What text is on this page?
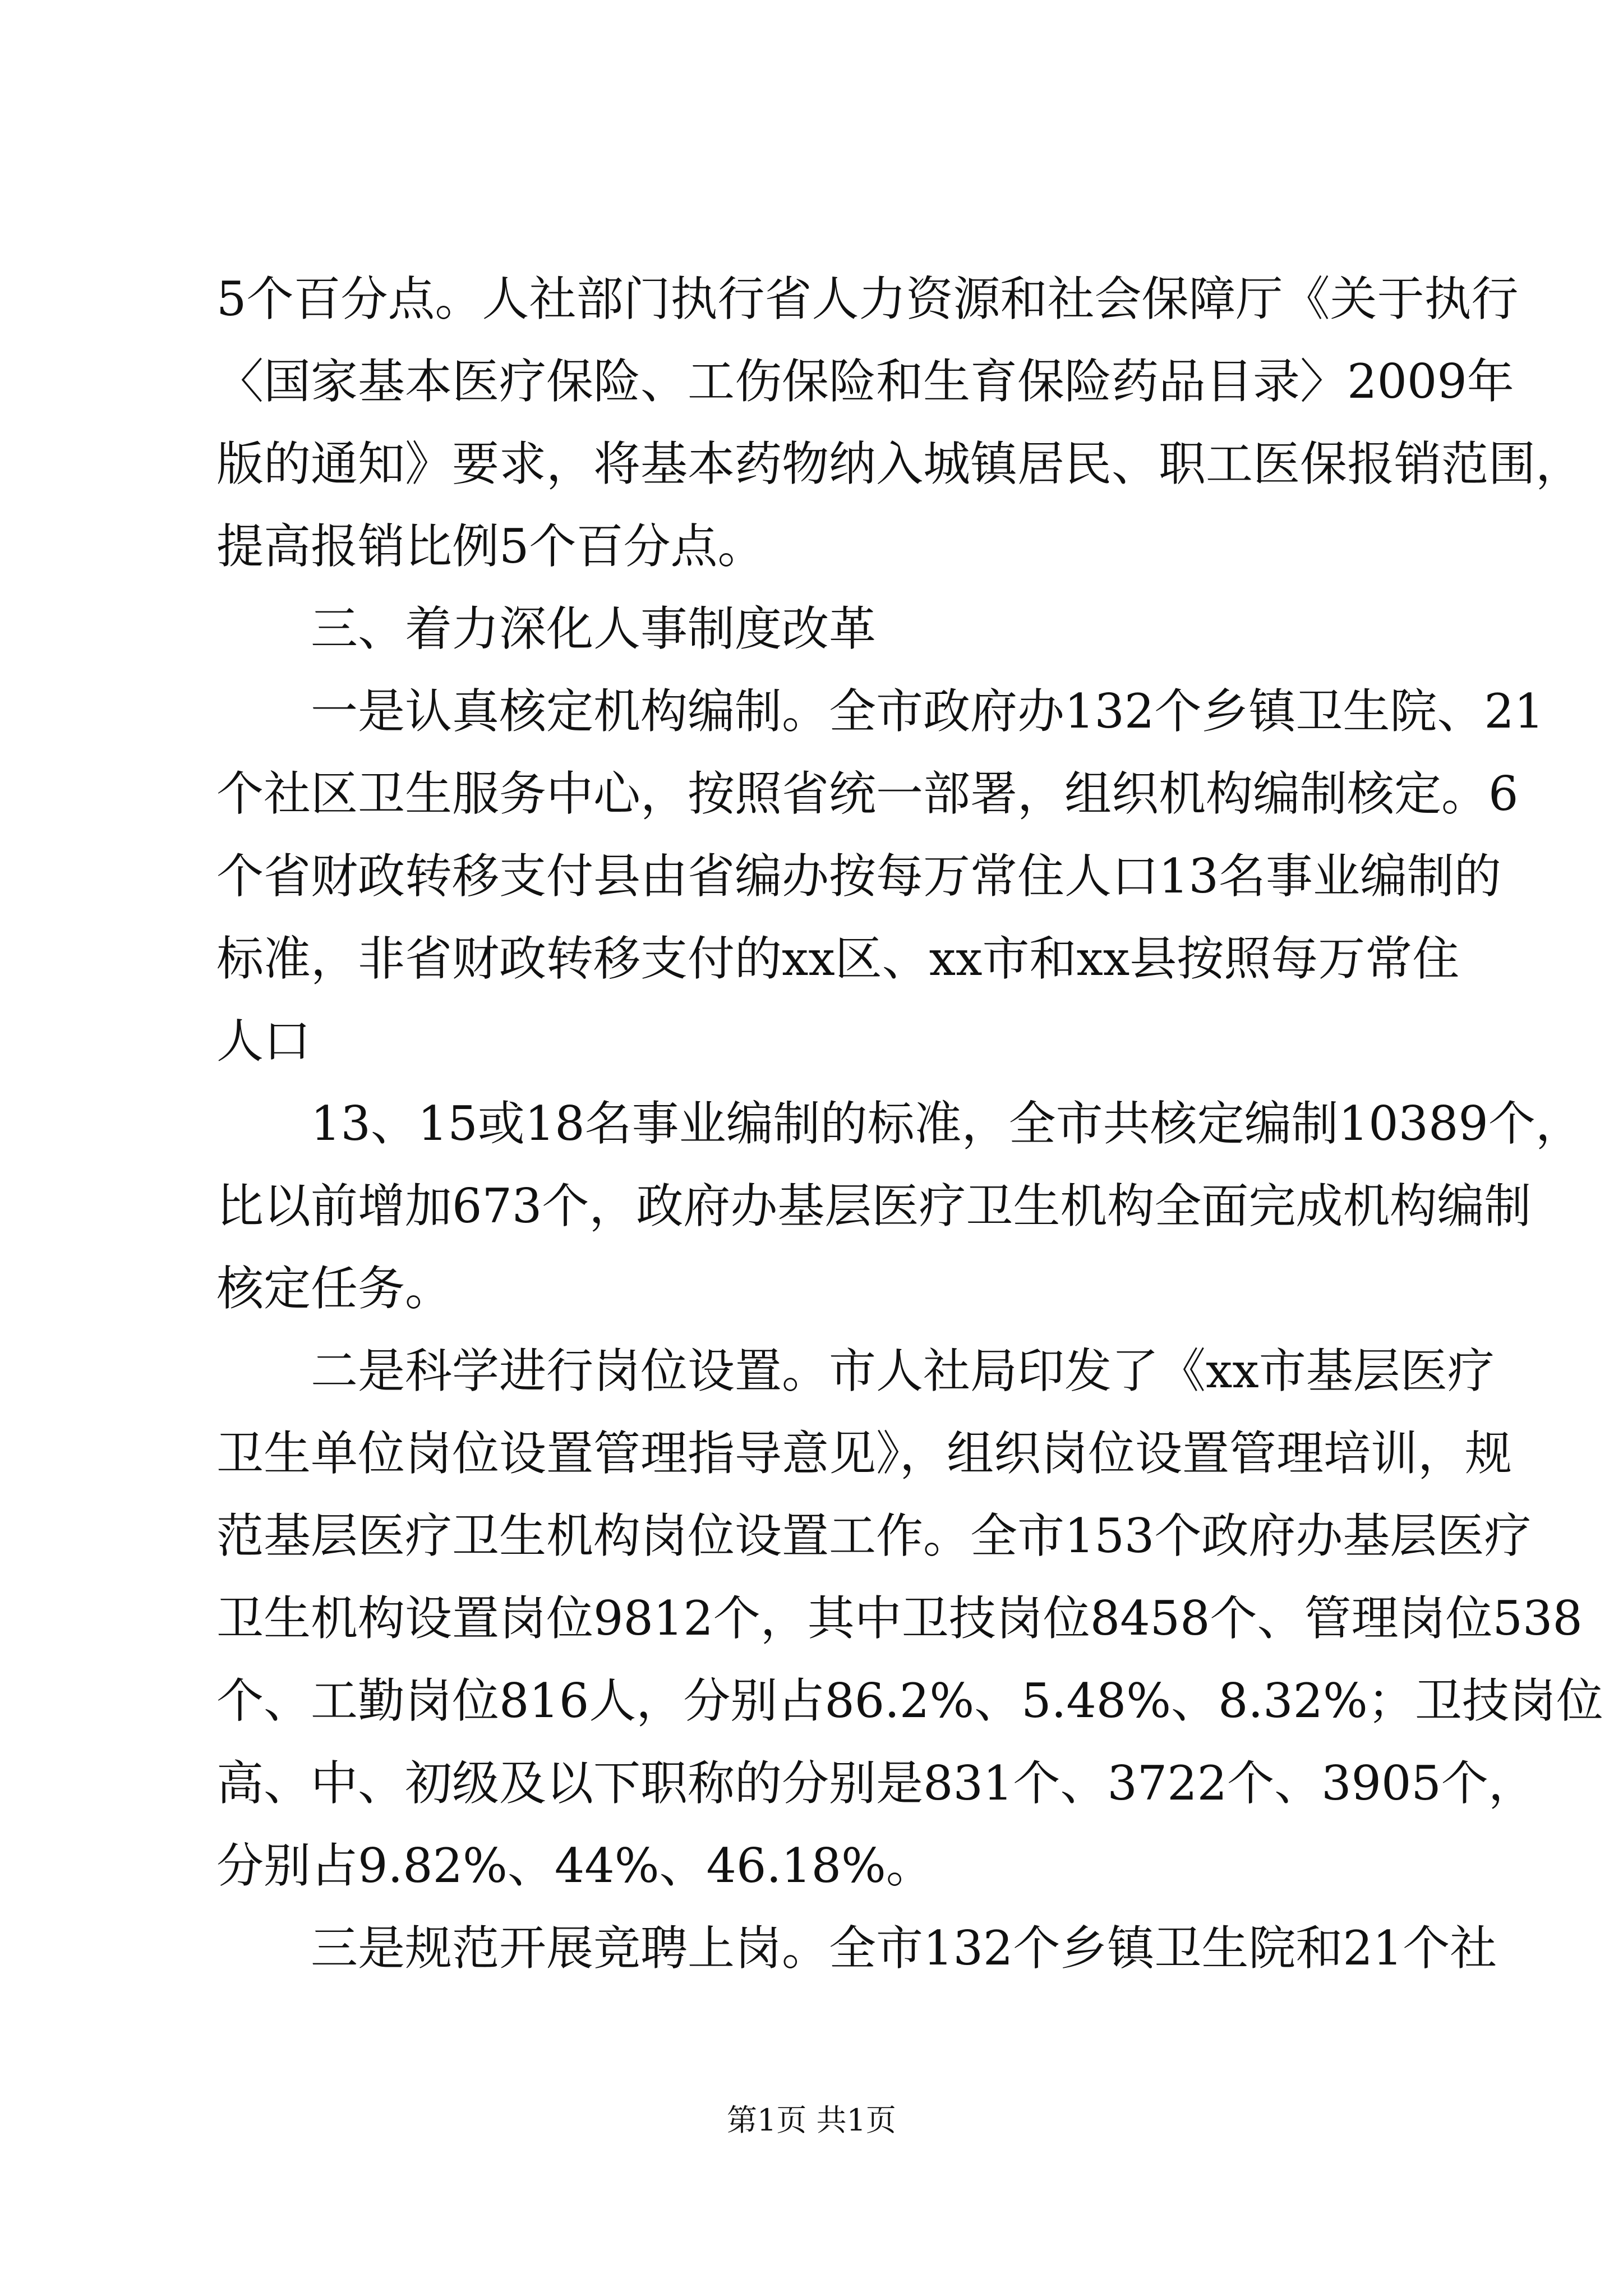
5个百分点。人社部门执行省人力资源和社会保障厅《关于执行
〈国家基本医疗保险、工伤保险和生育保险药品目录〉2009年
版的通知》要求，将基本药物纳入城镇居民、职工医保报销范围，
提高报销比例5个百分点。
三、着力深化人事制度改革
一是认真核定机构编制。全市政府办132个乡镇卫生院、21
个社区卫生服务中心，按照省统一部署，组织机构编制核定。6
个省财政转移支付县由省编办按每万常住人口13名事业编制的
标准，非省财政转移支付的xx区、xx市和xx县按照每万常住
人口
13、15或18名事业编制的标准，全市共核定编制10389个，
比以前增加673个，政府办基层医疗卫生机构全面完成机构编制
核定任务。
二是科学进行岗位设置。市人社局印发了《xx市基层医疗
卫生单位岗位设置管理指导意见》，组织岗位设置管理培训，规
范基层医疗卫生机构岗位设置工作。全市153个政府办基层医疗
卫生机构设置岗位9812个，其中卫技岗位8458个、管理岗位538
个、工勤岗位816人，分别占86.2%、5.48%、8.32%；卫技岗位
高、中、初级及以下职称的分别是831个、3722个、3905个，
分别占9.82%、44%、46.18%。
三是规范开展竞聘上岗。全市132个乡镇卫生院和21个社
第1页 共1页
